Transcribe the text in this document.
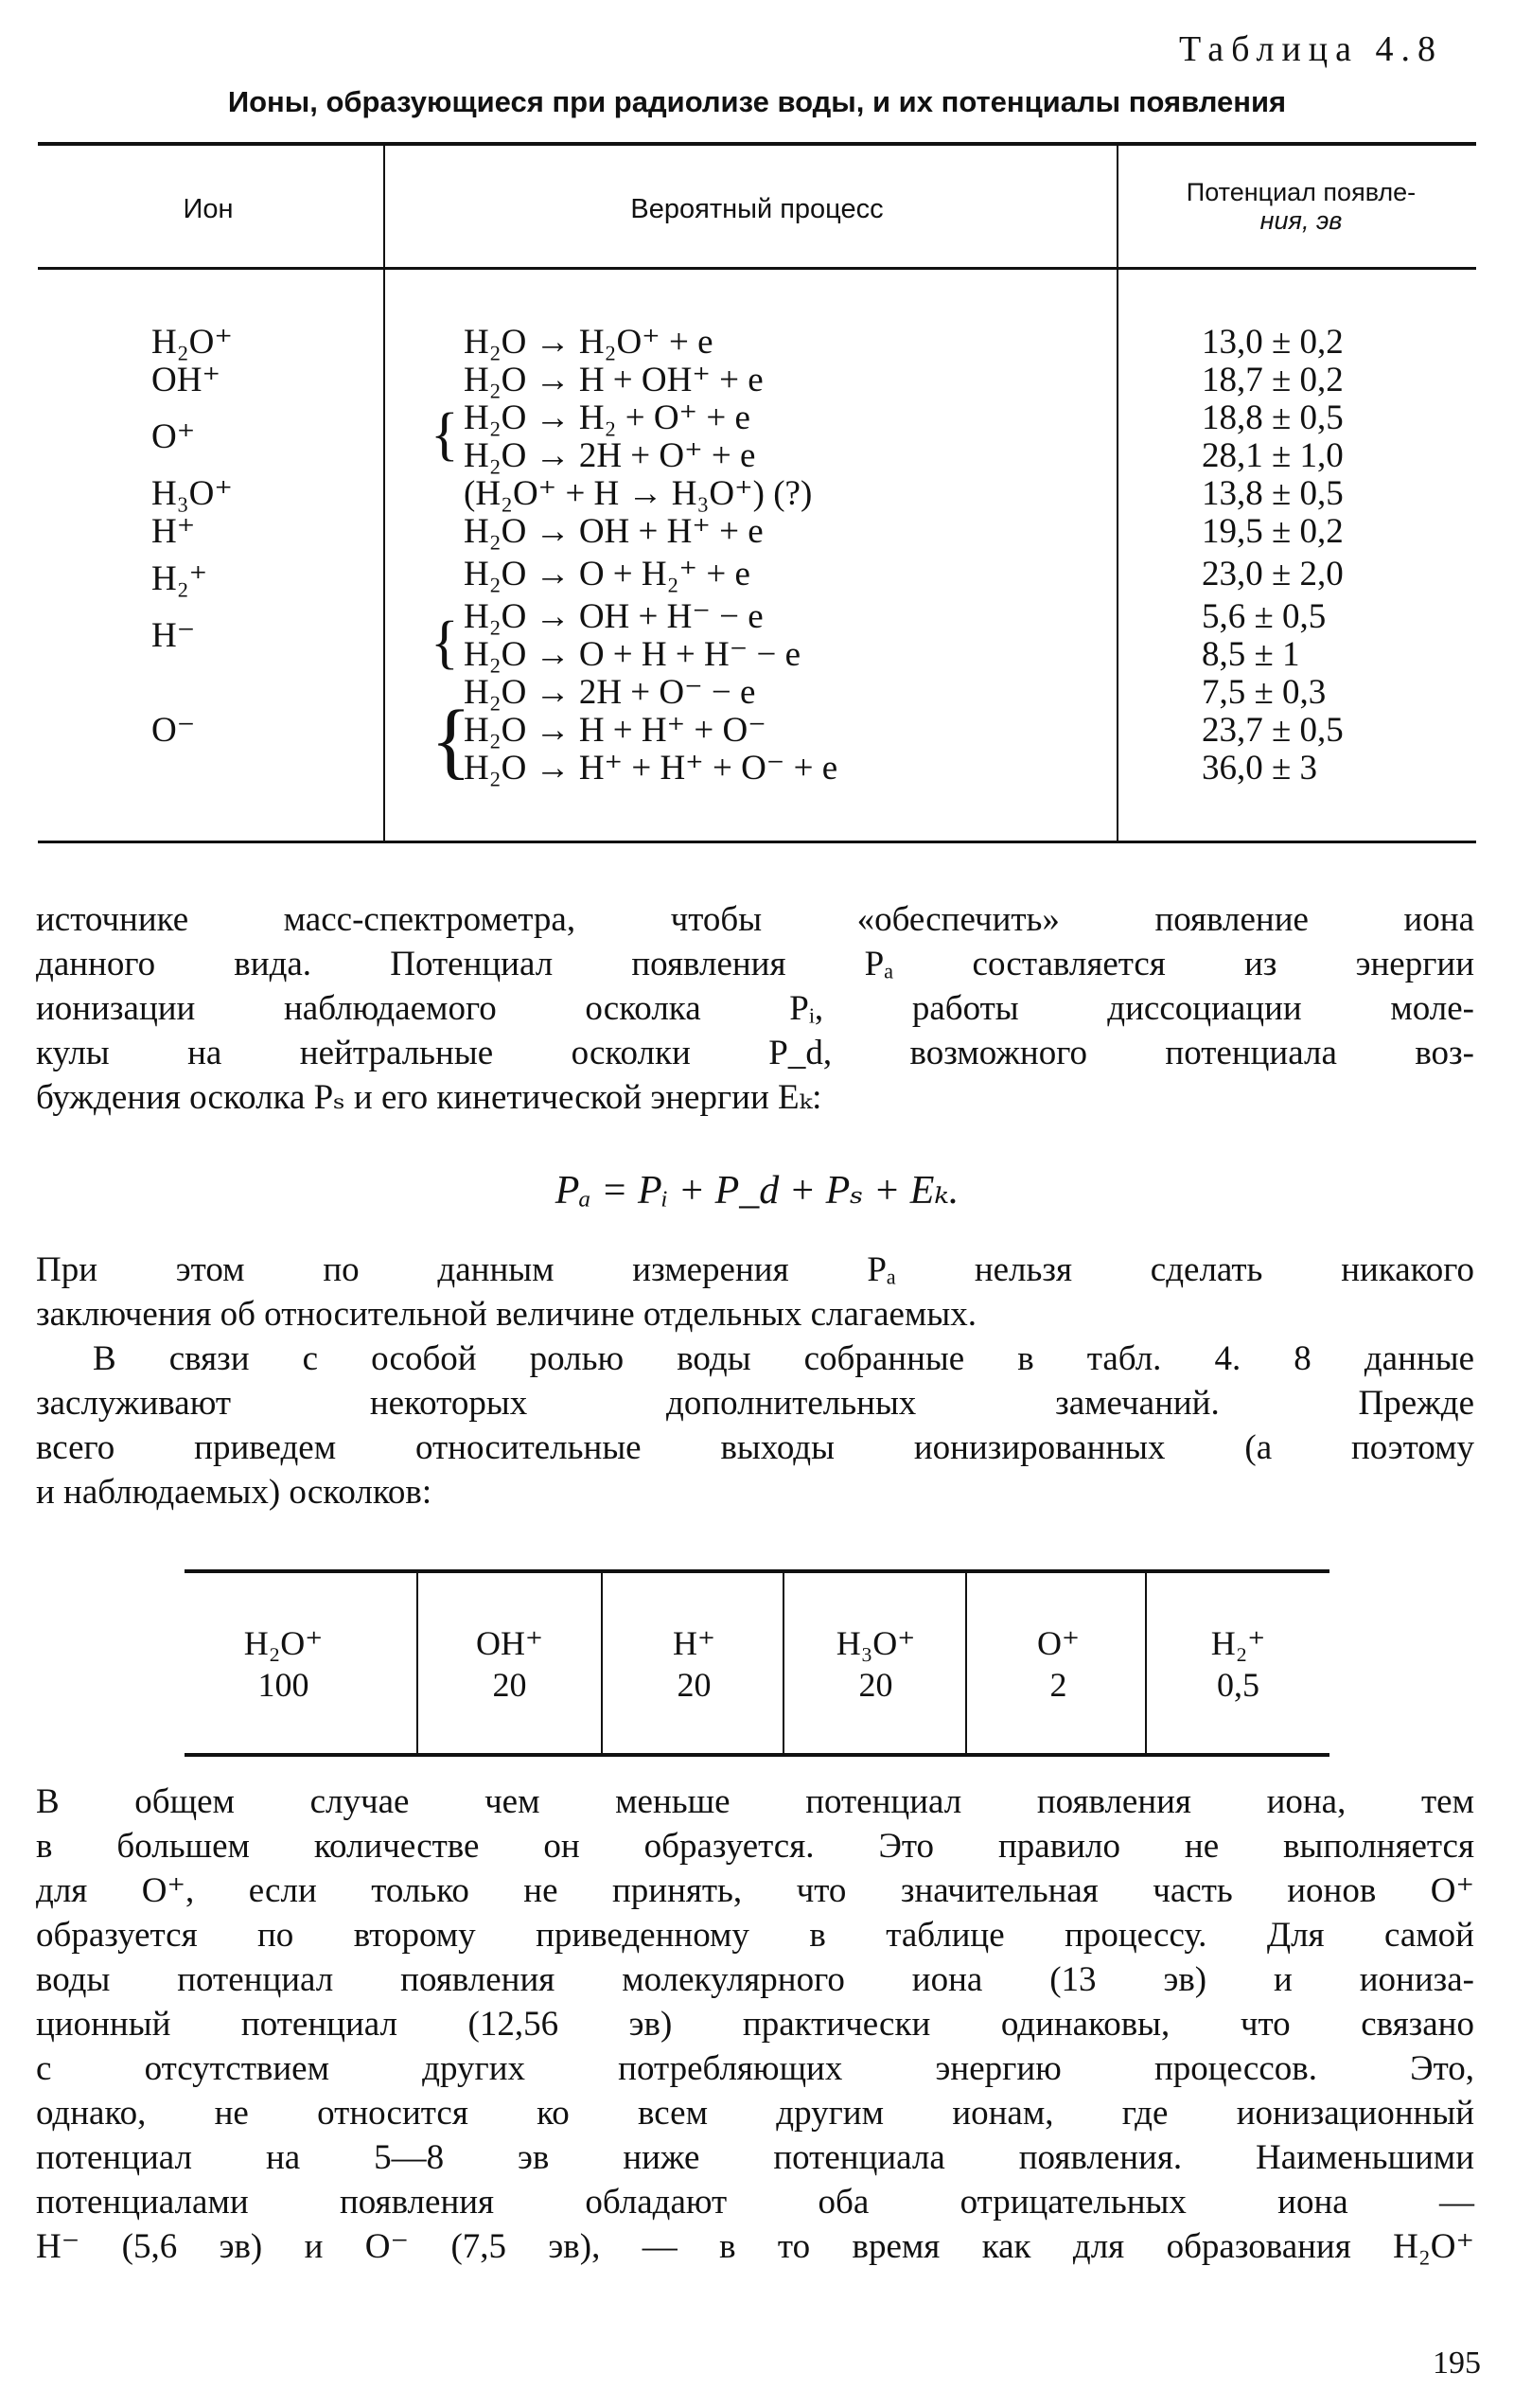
Таблица 4.8
Ионы, образующиеся при радиолизе воды, и их потенциалы появления
Ион	Вероятный процесс
Потенциал появле-
ния, эв
H₂O⁺
OH⁺
O⁺
H₃O⁺
H⁺
H₂⁺
H⁻
O⁻
{
{
{
H₂O → H₂O⁺ + e
H₂O → H + OH⁺ + e
H₂O → H₂ + O⁺ + e
H₂O → 2H + O⁺ + e
(H₂O⁺ + H → H₃O⁺) (?)
H₂O → OH + H⁺ + e
H₂O → O + H₂⁺ + e
H₂O → OH + H⁻ − e
H₂O → O + H + H⁻ − e
H₂O → 2H + O⁻ − e
H₂O → H + H⁺ + O⁻
H₂O → H⁺ + H⁺ + O⁻ + e
13,0 ± 0,2
18,7 ± 0,2
18,8 ± 0,5
28,1 ± 1,0
13,8 ± 0,5
19,5 ± 0,2
23,0 ± 2,0
5,6 ± 0,5
8,5 ± 1
7,5 ± 0,3
23,7 ± 0,5
36,0 ± 3
источнике масс-спектрометра, чтобы «обеспечить» появление иона
данного вида. Потенциал появления Pₐ составляется из энергии
ионизации наблюдаемого осколка Pᵢ, работы диссоциации моле-
кулы на нейтральные осколки P_d, возможного потенциала воз-
буждения осколка Pₛ и его кинетической энергии Eₖ:
Pₐ = Pᵢ + P_d + Pₛ + Eₖ.
При этом по данным измерения Pₐ нельзя сделать никакого
заключения об относительной величине отдельных слагаемых.
В связи с особой ролью воды собранные в табл. 4. 8 данные
заслуживают некоторых дополнительных замечаний. Прежде
всего приведем относительные выходы ионизированных (а поэтому
и наблюдаемых) осколков:
H₂O⁺
100
OH⁺
20
H⁺
20
H₃O⁺
20
O⁺
2
H₂⁺
0,5
В общем случае чем меньше потенциал появления иона, тем
в большем количестве он образуется. Это правило не выполняется
для O⁺, если только не принять, что значительная часть ионов O⁺
образуется по второму приведенному в таблице процессу. Для самой
воды потенциал появления молекулярного иона (13 эв) и иониза-
ционный потенциал (12,56 эв) практически одинаковы, что связано
с отсутствием других потребляющих энергию процессов. Это,
однако, не относится ко всем другим ионам, где ионизационный
потенциал на 5—8 эв ниже потенциала появления. Наименьшими
потенциалами появления обладают оба отрицательных иона —
H⁻ (5,6 эв) и O⁻ (7,5 эв), — в то время как для образования H₂O⁺
195
